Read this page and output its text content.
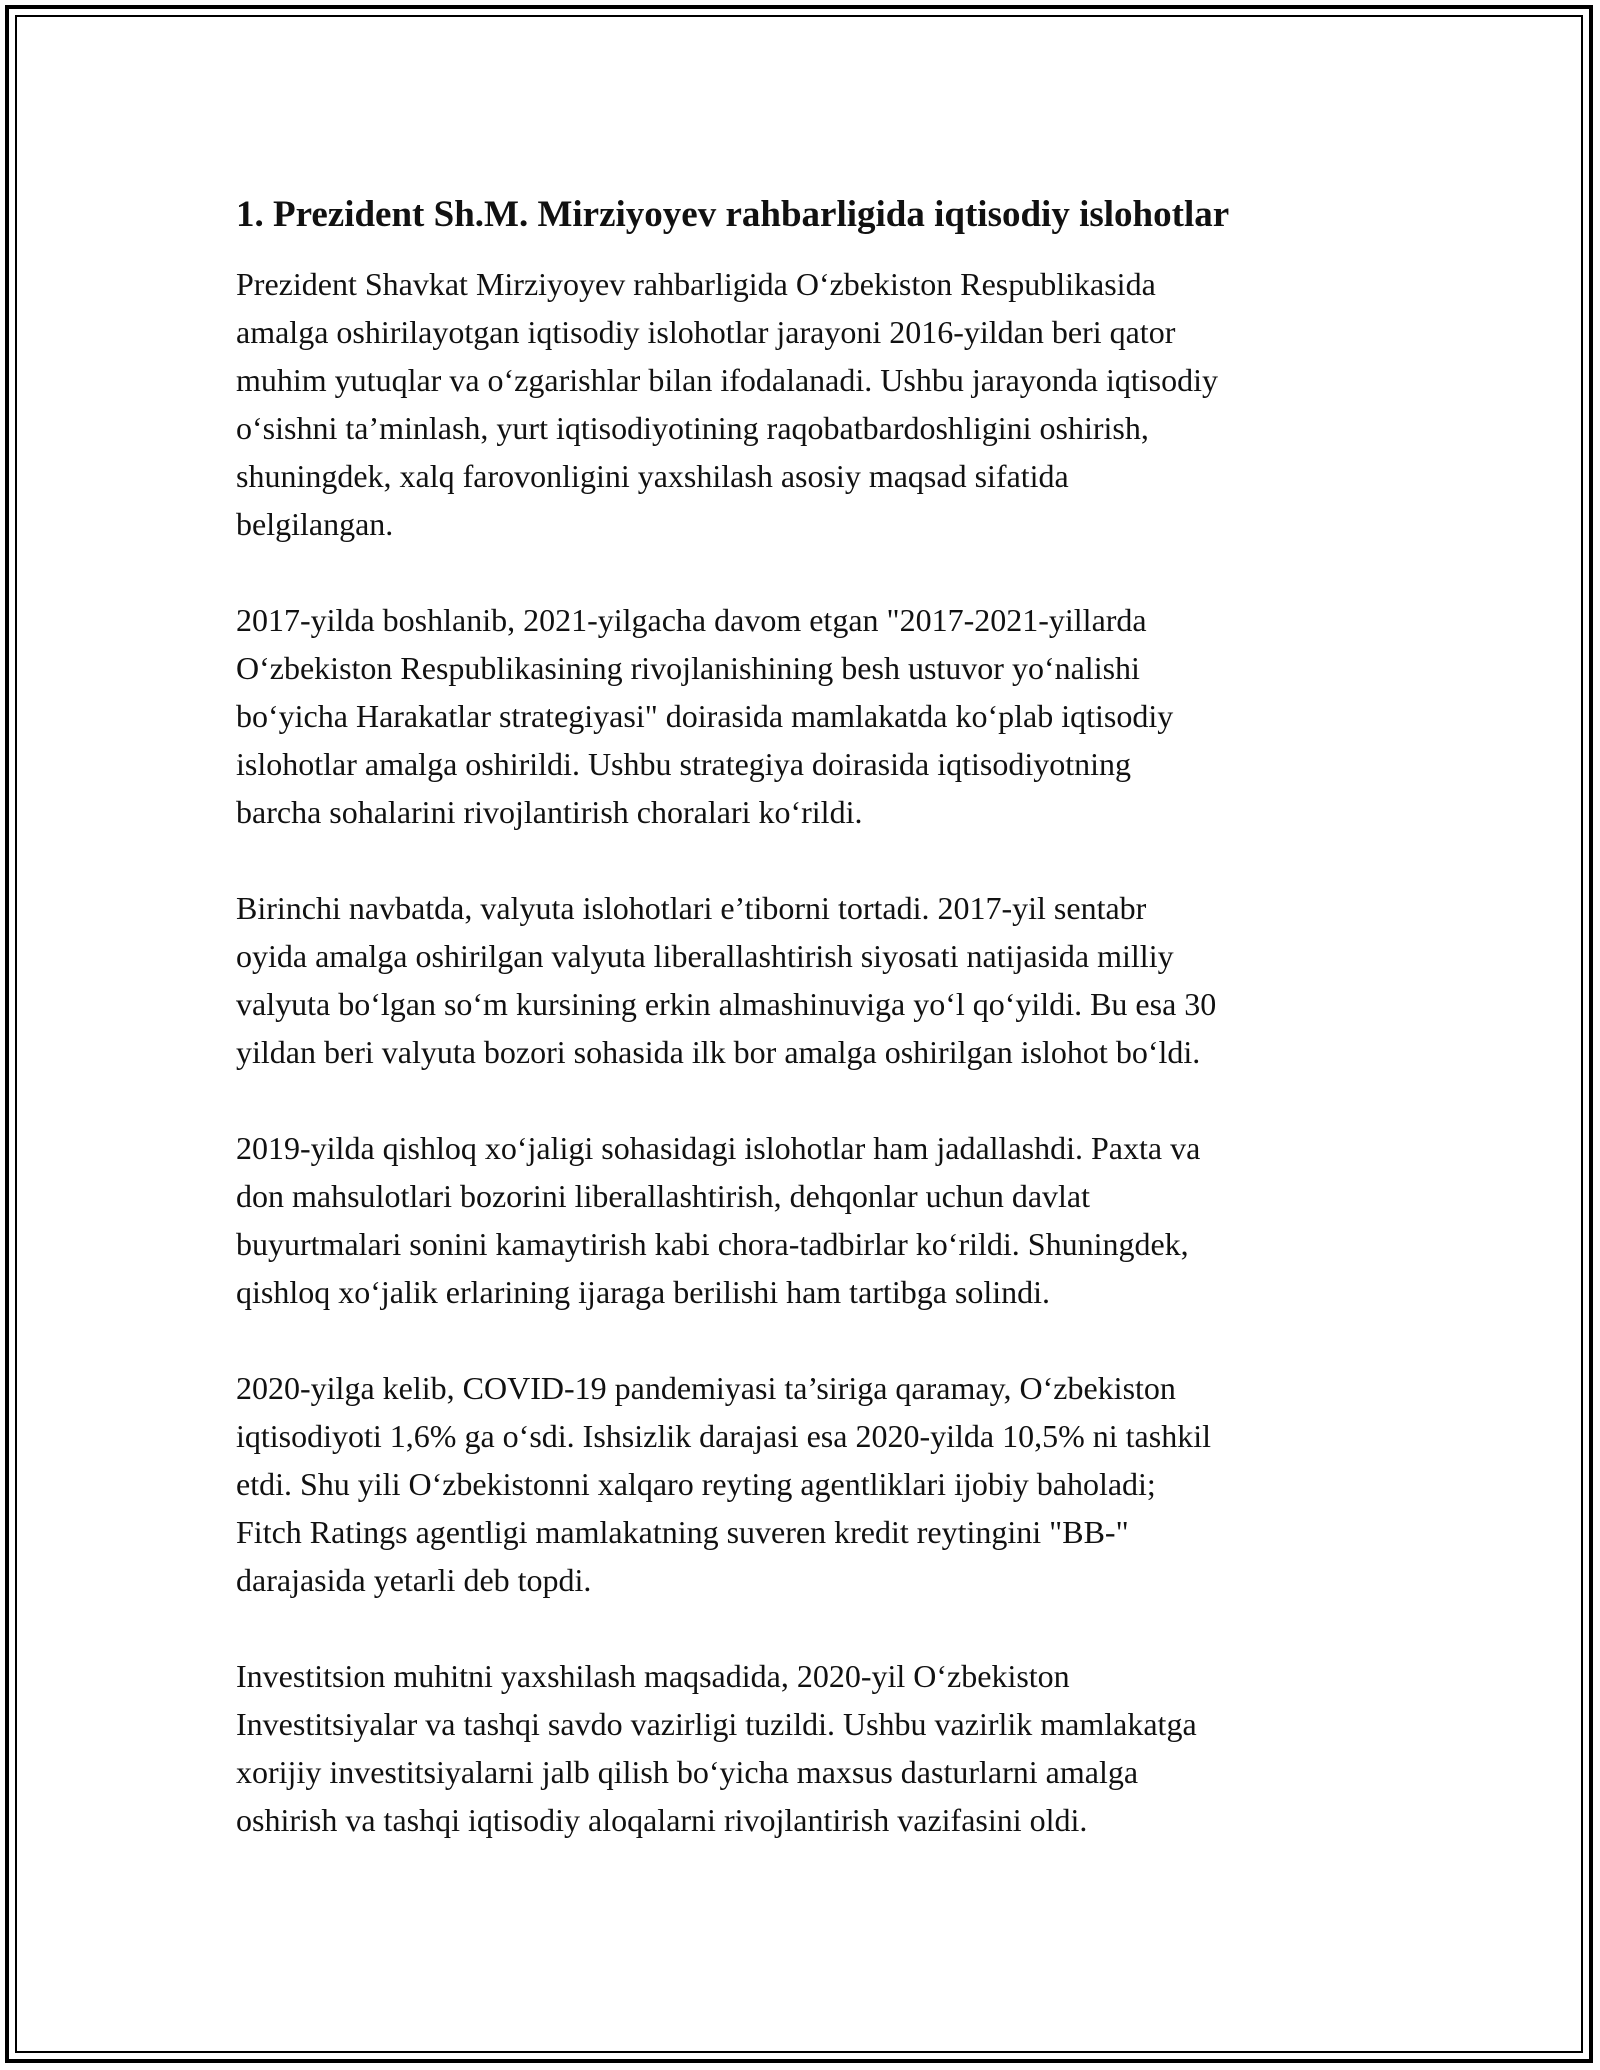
1. Prezident Sh.M. Mirziyoyev rahbarligida iqtisodiy islohotlar
Prezident Shavkat Mirziyoyev rahbarligida O‘zbekiston Respublikasida
amalga oshirilayotgan iqtisodiy islohotlar jarayoni 2016-yildan beri qator
muhim yutuqlar va o‘zgarishlar bilan ifodalanadi. Ushbu jarayonda iqtisodiy
o‘sishni ta’minlash, yurt iqtisodiyotining raqobatbardoshligini oshirish,
shuningdek, xalq farovonligini yaxshilash asosiy maqsad sifatida
belgilangan.
2017-yilda boshlanib, 2021-yilgacha davom etgan "2017-2021-yillarda
O‘zbekiston Respublikasining rivojlanishining besh ustuvor yo‘nalishi
bo‘yicha Harakatlar strategiyasi" doirasida mamlakatda ko‘plab iqtisodiy
islohotlar amalga oshirildi. Ushbu strategiya doirasida iqtisodiyotning
barcha sohalarini rivojlantirish choralari ko‘rildi.
Birinchi navbatda, valyuta islohotlari e’tiborni tortadi. 2017-yil sentabr
oyida amalga oshirilgan valyuta liberallashtirish siyosati natijasida milliy
valyuta bo‘lgan so‘m kursining erkin almashinuviga yo‘l qo‘yildi. Bu esa 30
yildan beri valyuta bozori sohasida ilk bor amalga oshirilgan islohot bo‘ldi.
2019-yilda qishloq xo‘jaligi sohasidagi islohotlar ham jadallashdi. Paxta va
don mahsulotlari bozorini liberallashtirish, dehqonlar uchun davlat
buyurtmalari sonini kamaytirish kabi chora-tadbirlar ko‘rildi. Shuningdek,
qishloq xo‘jalik erlarining ijaraga berilishi ham tartibga solindi.
2020-yilga kelib, COVID-19 pandemiyasi ta’siriga qaramay, O‘zbekiston
iqtisodiyoti 1,6% ga o‘sdi. Ishsizlik darajasi esa 2020-yilda 10,5% ni tashkil
etdi. Shu yili O‘zbekistonni xalqaro reyting agentliklari ijobiy baholadi;
Fitch Ratings agentligi mamlakatning suveren kredit reytingini "BB-"
darajasida yetarli deb topdi.
Investitsion muhitni yaxshilash maqsadida, 2020-yil O‘zbekiston
Investitsiyalar va tashqi savdo vazirligi tuzildi. Ushbu vazirlik mamlakatga
xorijiy investitsiyalarni jalb qilish bo‘yicha maxsus dasturlarni amalga
oshirish va tashqi iqtisodiy aloqalarni rivojlantirish vazifasini oldi.
